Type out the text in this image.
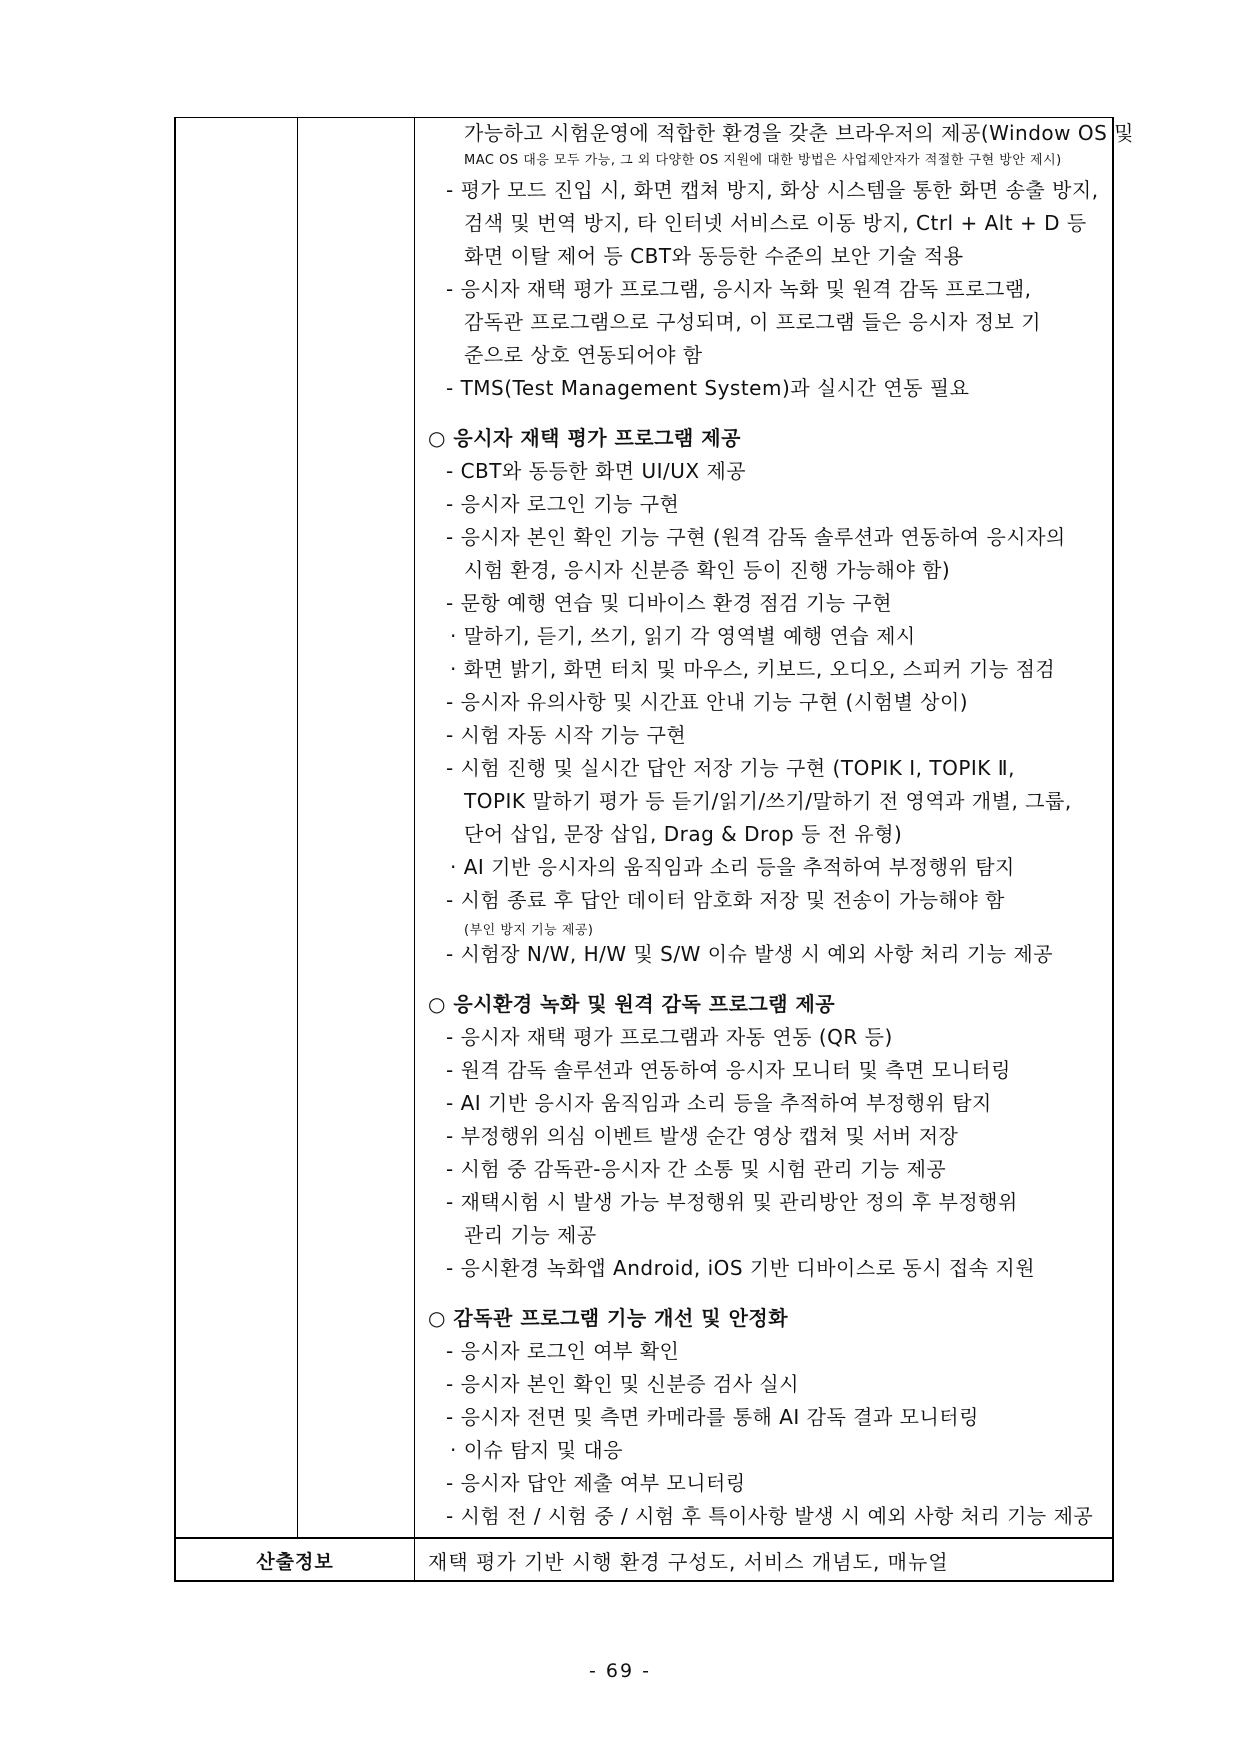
가능하고 시험운영에 적합한 환경을 갖춘 브라우저의 제공(Window OS 및
MAC OS 대응 모두 가능, 그 외 다양한 OS 지원에 대한 방법은 사업제안자가 적절한 구현 방안 제시)
- 평가 모드 진입 시, 화면 캡쳐 방지, 화상 시스템을 통한 화면 송출 방지,
검색 및 번역 방지, 타 인터넷 서비스로 이동 방지, Ctrl + Alt + D 등
화면 이탈 제어 등 CBT와 동등한 수준의 보안 기술 적용
- 응시자 재택 평가 프로그램, 응시자 녹화 및 원격 감독 프로그램,
감독관 프로그램으로 구성되며, 이 프로그램 들은 응시자 정보 기
준으로 상호 연동되어야 함
- TMS(Test Management System)과 실시간 연동 필요
○ 응시자 재택 평가 프로그램 제공
- CBT와 동등한 화면 UI/UX 제공
- 응시자 로그인 기능 구현
- 응시자 본인 확인 기능 구현 (원격 감독 솔루션과 연동하여 응시자의
시험 환경, 응시자 신분증 확인 등이 진행 가능해야 함)
- 문항 예행 연습 및 디바이스 환경 점검 기능 구현
· 말하기, 듣기, 쓰기, 읽기 각 영역별 예행 연습 제시
· 화면 밝기, 화면 터치 및 마우스, 키보드, 오디오, 스피커 기능 점검
- 응시자 유의사항 및 시간표 안내 기능 구현 (시험별 상이)
- 시험 자동 시작 기능 구현
- 시험 진행 및 실시간 답안 저장 기능 구현 (TOPIK Ⅰ, TOPIK Ⅱ,
TOPIK 말하기 평가 등 듣기/읽기/쓰기/말하기 전 영역과 개별, 그룹,
단어 삽입, 문장 삽입, Drag & Drop 등 전 유형)
· AI 기반 응시자의 움직임과 소리 등을 추적하여 부정행위 탐지
- 시험 종료 후 답안 데이터 암호화 저장 및 전송이 가능해야 함
(부인 방지 기능 제공)
- 시험장 N/W, H/W 및 S/W 이슈 발생 시 예외 사항 처리 기능 제공
○ 응시환경 녹화 및 원격 감독 프로그램 제공
- 응시자 재택 평가 프로그램과 자동 연동 (QR 등)
- 원격 감독 솔루션과 연동하여 응시자 모니터 및 측면 모니터링
- AI 기반 응시자 움직임과 소리 등을 추적하여 부정행위 탐지
- 부정행위 의심 이벤트 발생 순간 영상 캡쳐 및 서버 저장
- 시험 중 감독관-응시자 간 소통 및 시험 관리 기능 제공
- 재택시험 시 발생 가능 부정행위 및 관리방안 정의 후 부정행위
관리 기능 제공
- 응시환경 녹화앱 Android, iOS 기반 디바이스로 동시 접속 지원
○ 감독관 프로그램 기능 개선 및 안정화
- 응시자 로그인 여부 확인
- 응시자 본인 확인 및 신분증 검사 실시
- 응시자 전면 및 측면 카메라를 통해 AI 감독 결과 모니터링
· 이슈 탐지 및 대응
- 응시자 답안 제출 여부 모니터링
- 시험 전 / 시험 중 / 시험 후 특이사항 발생 시 예외 사항 처리 기능 제공
산출정보	재택 평가 기반 시행 환경 구성도, 서비스 개념도, 매뉴얼
- 69 -
